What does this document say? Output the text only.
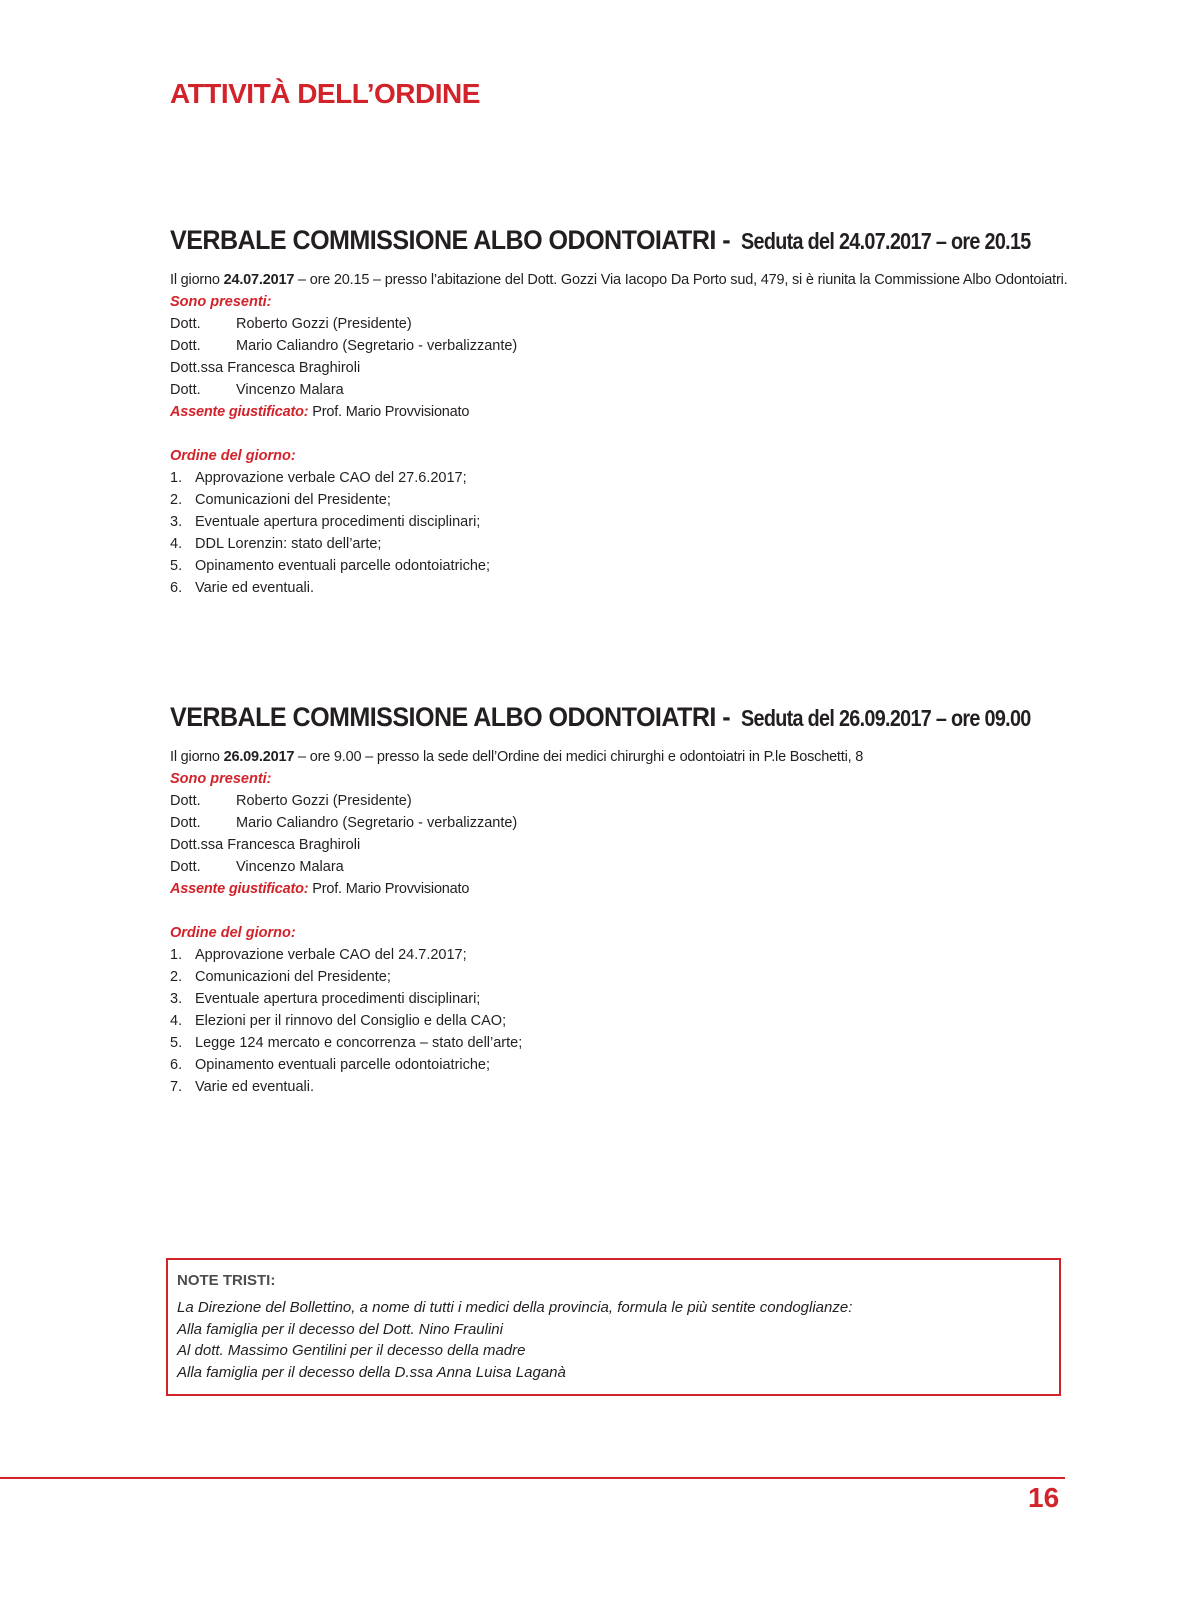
ATTIVITÀ DELL’ORDINE
VERBALE COMMISSIONE ALBO ODONTOIATRI - Seduta del 24.07.2017 – ore 20.15

Il giorno 24.07.2017 – ore 20.15 – presso l’abitazione del Dott. Gozzi Via Iacopo Da Porto sud, 479, si è riunita la Commissione Albo Odontoiatri.

Sono presenti:

Dott.	Roberto Gozzi (Presidente)
Dott.	Mario Caliandro (Segretario - verbalizzante)
Dott.ssa Francesca Braghiroli
Dott.	Vincenzo Malara

Assente giustificato: Prof. Mario Provvisionato

Ordine del giorno:

1. Approvazione verbale CAO del 27.6.2017;
2. Comunicazioni del Presidente;
3. Eventuale apertura procedimenti disciplinari;
4. DDL Lorenzin: stato dell’arte;
5. Opinamento eventuali parcelle odontoiatriche;
6. Varie ed eventuali.
VERBALE COMMISSIONE ALBO ODONTOIATRI - Seduta del 26.09.2017 – ore 09.00

Il giorno 26.09.2017 – ore 9.00 – presso la sede dell’Ordine dei medici chirurghi e odontoiatri in P.le Boschetti, 8

Sono presenti:

Dott.	Roberto Gozzi (Presidente)
Dott.	Mario Caliandro (Segretario - verbalizzante)
Dott.ssa Francesca Braghiroli
Dott.	Vincenzo Malara

Assente giustificato: Prof. Mario Provvisionato

Ordine del giorno:

1. Approvazione verbale CAO del 24.7.2017;
2. Comunicazioni del Presidente;
3. Eventuale apertura procedimenti disciplinari;
4. Elezioni per il rinnovo del Consiglio e della CAO;
5. Legge 124 mercato e concorrenza – stato dell’arte;
6. Opinamento eventuali parcelle odontoiatriche;
7. Varie ed eventuali.

NOTE TRISTI:

La Direzione del Bollettino, a nome di tutti i medici della provincia, formula le più sentite condoglianze:

Alla famiglia per il decesso del Dott. Nino Fraulini

Al dott. Massimo Gentilini per il decesso della madre

Alla famiglia per il decesso della D.ssa Anna Luisa Laganà

16
